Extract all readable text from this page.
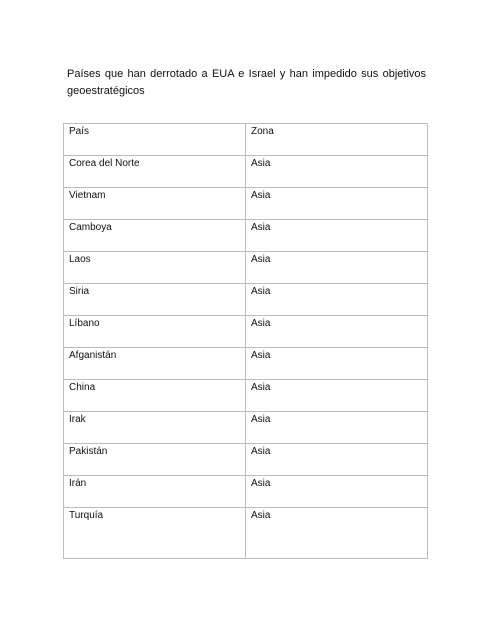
Países que han derrotado a EUA e Israel y han impedido sus objetivos
geoestratégicos

País	Zona
Corea del Norte	Asia
Vietnam	Asia
Camboya	Asia
Laos	Asia
Siria	Asia
Líbano	Asia
Afganistán	Asia
China	Asia
Irak	Asia
Pakistán	Asia
Irán	Asia
Turquía	Asia
